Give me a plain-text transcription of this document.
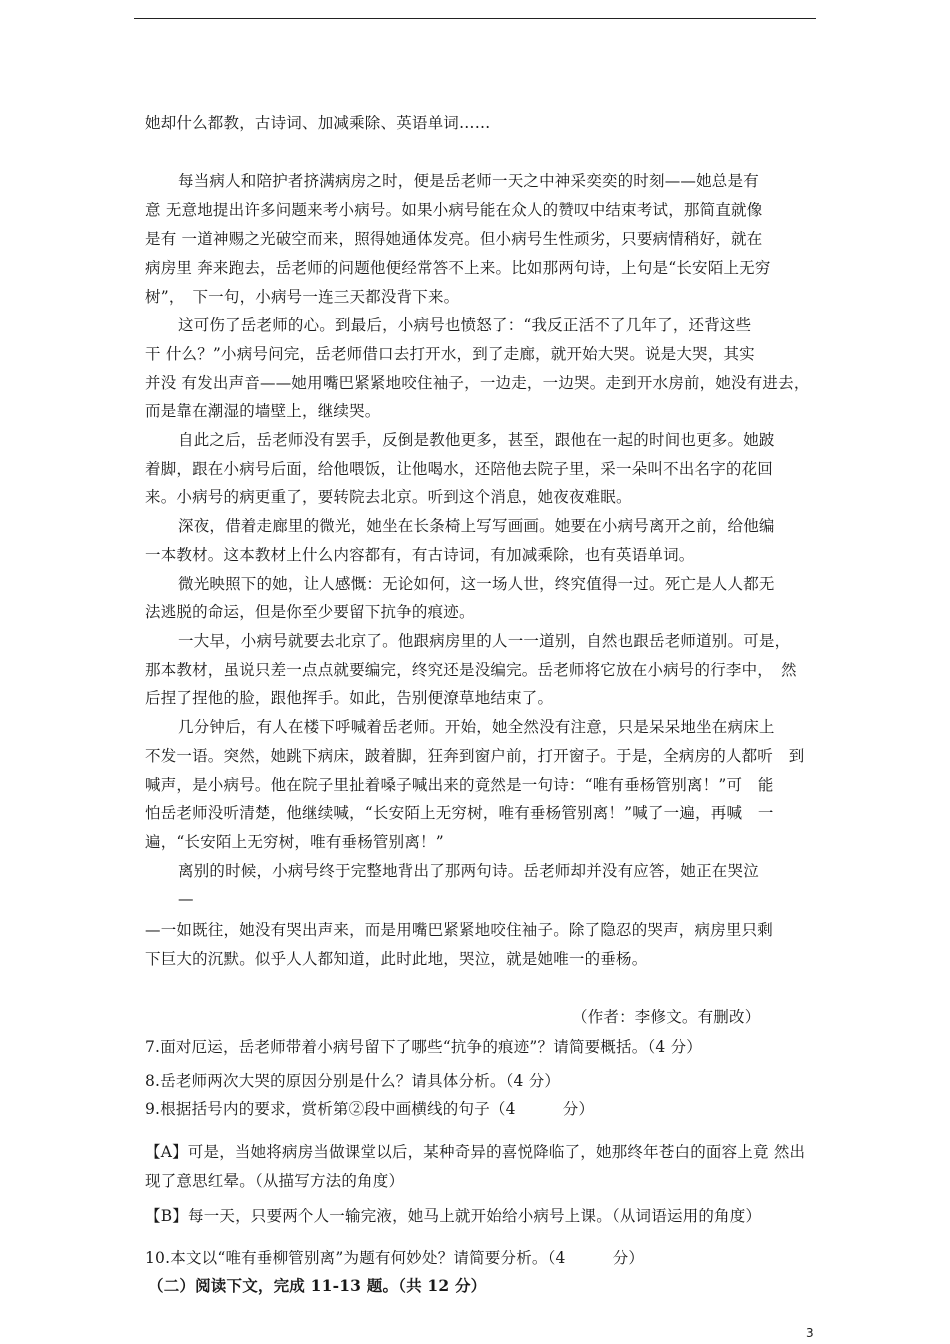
她却什么都教，古诗词、加减乘除、英语单词……
每当病人和陪护者挤满病房之时，便是岳老师一天之中神采奕奕的时刻——她总是有
意 无意地提出许多问题来考小病号。如果小病号能在众人的赞叹中结束考试，那简直就像
是有 一道神赐之光破空而来，照得她通体发亮。但小病号生性顽劣，只要病情稍好，就在
病房里 奔来跑去，岳老师的问题他便经常答不上来。比如那两句诗，上句是“长安陌上无穷
树”，　下一句，小病号一连三天都没背下来。
这可伤了岳老师的心。到最后，小病号也愤怒了：“我反正活不了几年了，还背这些
干 什么？”小病号问完，岳老师借口去打开水，到了走廊，就开始大哭。说是大哭，其实
并没 有发出声音——她用嘴巴紧紧地咬住袖子，一边走，一边哭。走到开水房前，她没有进去，
而是靠在潮湿的墙壁上，继续哭。
自此之后，岳老师没有罢手，反倒是教他更多，甚至，跟他在一起的时间也更多。她跛
着脚，跟在小病号后面，给他喂饭，让他喝水，还陪他去院子里，采一朵叫不出名字的花回
来。小病号的病更重了，要转院去北京。听到这个消息，她夜夜难眠。
深夜，借着走廊里的微光，她坐在长条椅上写写画画。她要在小病号离开之前，给他编
一本教材。这本教材上什么内容都有，有古诗词，有加减乘除，也有英语单词。
微光映照下的她，让人感慨：无论如何，这一场人世，终究值得一过。死亡是人人都无
法逃脱的命运，但是你至少要留下抗争的痕迹。
一大早，小病号就要去北京了。他跟病房里的人一一道别，自然也跟岳老师道别。可是，
那本教材，虽说只差一点点就要编完，终究还是没编完。岳老师将它放在小病号的行李中，　然
后捏了捏他的脸，跟他挥手。如此，告别便潦草地结束了。
几分钟后，有人在楼下呼喊着岳老师。开始，她全然没有注意，只是呆呆地坐在病床上
不发一语。突然，她跳下病床，跛着脚，狂奔到窗户前，打开窗子。于是，全病房的人都听　到
喊声，是小病号。他在院子里扯着嗓子喊出来的竟然是一句诗：“唯有垂杨管别离！”可　能
怕岳老师没听清楚，他继续喊，“长安陌上无穷树，唯有垂杨管别离！”喊了一遍，再喊　一
遍，“长安陌上无穷树，唯有垂杨管别离！”
离别的时候，小病号终于完整地背出了那两句诗。岳老师却并没有应答，她正在哭泣
—
—一如既往，她没有哭出声来，而是用嘴巴紧紧地咬住袖子。除了隐忍的哭声，病房里只剩
下巨大的沉默。似乎人人都知道，此时此地，哭泣，就是她唯一的垂杨。
（作者：李修文。有删改）
7.面对厄运，岳老师带着小病号留下了哪些“抗争的痕迹”？请简要概括。（4 分）
8.岳老师两次大哭的原因分别是什么？请具体分析。（4 分）
9.根据括号内的要求，赏析第②段中画横线的句子（4　　　分）
【A】可是，当她将病房当做课堂以后，某种奇异的喜悦降临了，她那终年苍白的面容上竟 然出
现了意思红晕。（从描写方法的角度）
【B】每一天，只要两个人一输完液，她马上就开始给小病号上课。（从词语运用的角度）
10.本文以“唯有垂柳管别离”为题有何妙处？请简要分析。（4　　　分）
（二）阅读下文，完成 11-13 题。（共 12 分）
3
